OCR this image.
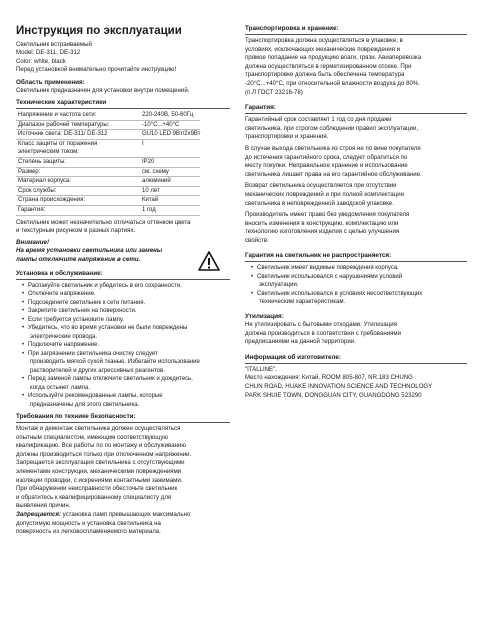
Инструкция по эксплуатации
Светильник встраиваемый
Model: DE-311, DE-312
Color: white, black
Перед установкой внимательно прочитайте инструкцию!
Область применения:
Светильник предназначен для установки внутри помещений.
Технические характеристики
Напряжение и частота сети:	220-240В, 50-60Гц

Диапазон рабочей температуры:	-10°С...+40°С

Источник света: DE-311/ DE-312	GU10 LED 9Вт/2х9Вт

Класс защиты от поражения
электрическим током:	I

Степень защиты:	IP20

Размер:	см. схему

Материал корпуса:	алюминий

Срок службы:	10 лет

Страна происхождения:	Китай

Гарантия:	1 год
Светильник может незначительно отличаться оттенком цвета
и текстурным рисунком в разных партиях.
Внимание!
На время установки светильника или замены
лампы отключите напряжение в сети.
Установка и обслуживание:
• Распакуйте светильник и убедитесь в его сохранности.
• Отключите напряжение.
• Подсоедините светильник к сети питания.
• Закрепите светильник на поверхности.
• Если требуется установите лампу.
• Убедитесь, что во время установки не были повреждены
электрические провода.
• Подключите напряжение.
• При загрязнении светильника очистку следует
производить мягкой сухой тканью. Избегайте использование
растворителей и других агрессивных реагентов.
• Перед заменой лампы отключите светильник и дождитесь,
когда остынет лампа.
• Используйте рекомендованные лампы, которые
предназначены для этого светильника.
Требования по технике безопасности:
Монтаж и демонтаж светильника должен осуществляться
опытным специалистом, имеющим соответствующую
квалификацию. Все работы по по монтажу и обслуживанию
должны производиться только при отключенном напряжении.
Запрещается эксплуатация светильника с отсутствующими
элементами конструкции, механическими повреждениями
изоляции проводки, с искрениями контактными зажимами.
При обнаружении неисправности обесточьте светильник
и обратитесь к квалифицированному специалисту для
выявления причин.
Запрещается: установка ламп превышающих максимально
допустимую мощность и установка светильника на
поверхность из легковоспламеняемого материала.
Транспортировка и хранение:
Транспортировка должна осуществляться в упаковке, в
условиях, исключающих механические повреждения и
прямое попадание на продукцию влаги, грязи. Авиаперевозка
должна осуществляться в герметизированном отсеке. При
транспортировке должна быть обеспечена температура
-20°С...+40°С, при относительной влажности воздуха до 80%.
(п.Л ГОСТ 23216-78)
Гарантия:
Гарантийный срок составляет 1 год со дня продажи
светильника, при строгом соблюдении правил эксплуатации,
транспортировки и хранения.
В случае выхода светильника из строя не по вине покупателя
до истечения гарантийного срока, следует обратиться по
месту покупки. Неправильное хранение и использование
светильника лишает права на его гарантийное обслуживание.
Возврат светильника осуществляется при отсутствии
механических повреждений и при полной комплектации
светильника в неповрежденной заводской упаковке.
Производитель имеет право без уведомления покупателя
вносить изменения в конструкцию, комплектацию или
технологию изготовления изделия с целью улучшения
свойств.
Гарантия на светильник не распространяется:
• Светильник имеет видимые повреждения корпуса.
• Светильник использовался с нарушениями условий
эксплуатации.
• Светильник использовался в условиях несоответствующих
техническим характеристикам.
Утилизация:
Не утилизировать с бытовыми отходами. Утилизация
должна производиться в соответствии с требованиями
предписаниями на данной территории.
Информация об изготовителе:
"ITALLINE".
Место нахождения: Китай, ROOM 805-807, NR.183 CHUNG
CHUN ROAD, HUAKE INNOVATION SCIENCE AND TECHNOLOGY
PARK SHUIE TOWN, DONGGUAN CITY, GUANGDONG 523290
